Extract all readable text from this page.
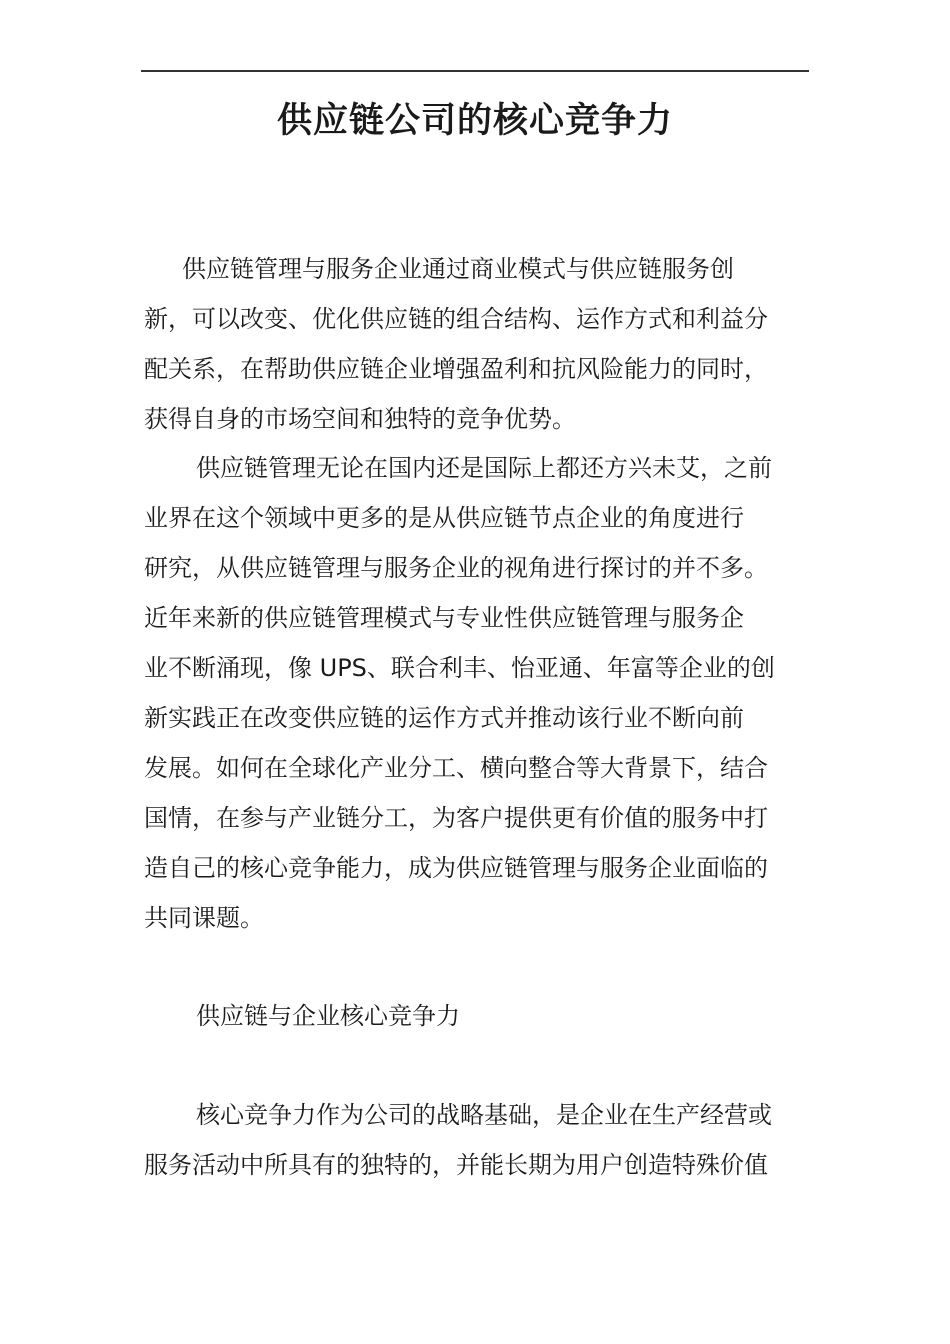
供应链公司的核心竞争力
供应链管理与服务企业通过商业模式与供应链服务创
新，可以改变、优化供应链的组合结构、运作方式和利益分
配关系，在帮助供应链企业增强盈利和抗风险能力的同时，
获得自身的市场空间和独特的竞争优势。
供应链管理无论在国内还是国际上都还方兴未艾，之前
业界在这个领域中更多的是从供应链节点企业的角度进行
研究，从供应链管理与服务企业的视角进行探讨的并不多。
近年来新的供应链管理模式与专业性供应链管理与服务企
业不断涌现，像 UPS、联合利丰、怡亚通、年富等企业的创
新实践正在改变供应链的运作方式并推动该行业不断向前
发展。如何在全球化产业分工、横向整合等大背景下，结合
国情，在参与产业链分工，为客户提供更有价值的服务中打
造自己的核心竞争能力，成为供应链管理与服务企业面临的
共同课题。
供应链与企业核心竞争力
核心竞争力作为公司的战略基础，是企业在生产经营或
服务活动中所具有的独特的，并能长期为用户创造特殊价值
